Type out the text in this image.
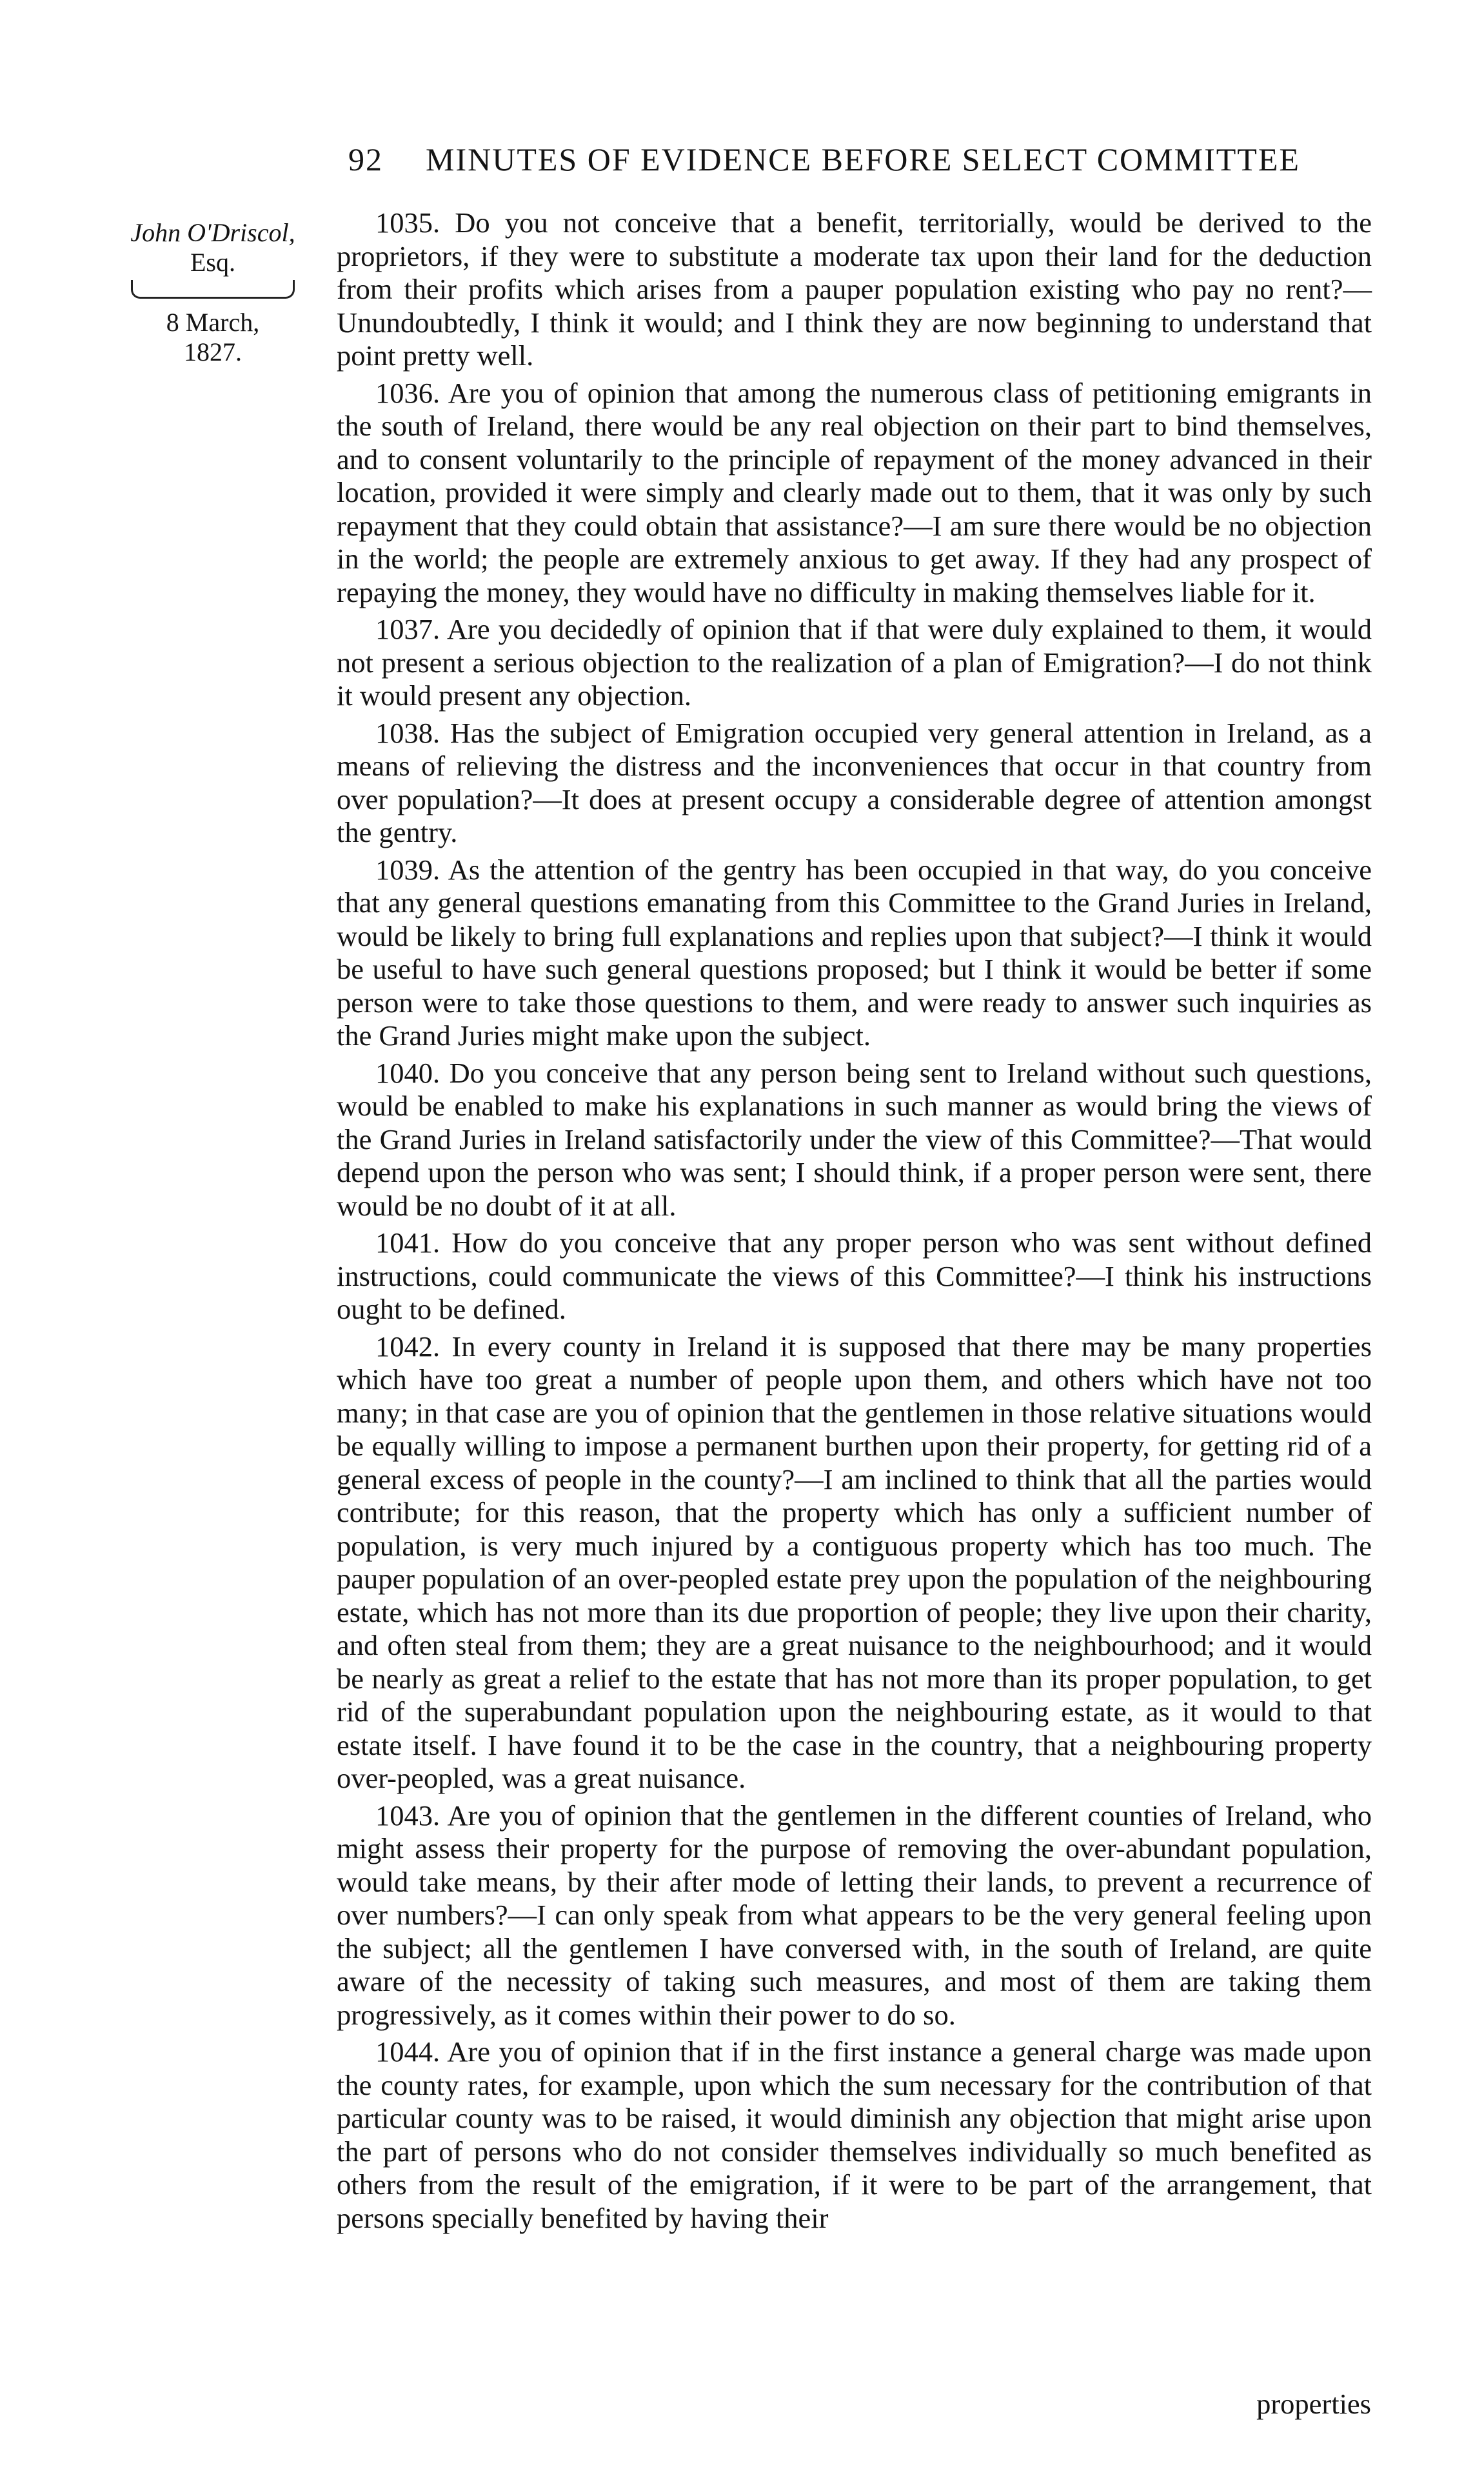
92 MINUTES OF EVIDENCE BEFORE SELECT COMMITTEE
John O'Driscol,
Esq.
8 March,
1827.

1035. Do you not conceive that a benefit, territorially, would be derived to the proprietors, if they were to substitute a moderate tax upon their land for the deduction from their profits which arises from a pauper population existing who pay no rent?—Unundoubtedly, I think it would; and I think they are now beginning to understand that point pretty well.

1036. Are you of opinion that among the numerous class of petitioning emigrants in the south of Ireland, there would be any real objection on their part to bind themselves, and to consent voluntarily to the principle of repayment of the money advanced in their location, provided it were simply and clearly made out to them, that it was only by such repayment that they could obtain that assistance?—I am sure there would be no objection in the world; the people are extremely anxious to get away. If they had any prospect of repaying the money, they would have no difficulty in making themselves liable for it.

1037. Are you decidedly of opinion that if that were duly explained to them, it would not present a serious objection to the realization of a plan of Emigration?—I do not think it would present any objection.

1038. Has the subject of Emigration occupied very general attention in Ireland, as a means of relieving the distress and the inconveniences that occur in that country from over population?—It does at present occupy a considerable degree of attention amongst the gentry.

1039. As the attention of the gentry has been occupied in that way, do you conceive that any general questions emanating from this Committee to the Grand Juries in Ireland, would be likely to bring full explanations and replies upon that subject?—I think it would be useful to have such general questions proposed; but I think it would be better if some person were to take those questions to them, and were ready to answer such inquiries as the Grand Juries might make upon the subject.

1040. Do you conceive that any person being sent to Ireland without such questions, would be enabled to make his explanations in such manner as would bring the views of the Grand Juries in Ireland satisfactorily under the view of this Committee?—That would depend upon the person who was sent; I should think, if a proper person were sent, there would be no doubt of it at all.

1041. How do you conceive that any proper person who was sent without defined instructions, could communicate the views of this Committee?—I think his instructions ought to be defined.

1042. In every county in Ireland it is supposed that there may be many properties which have too great a number of people upon them, and others which have not too many; in that case are you of opinion that the gentlemen in those relative situations would be equally willing to impose a permanent burthen upon their property, for getting rid of a general excess of people in the county?—I am inclined to think that all the parties would contribute; for this reason, that the property which has only a sufficient number of population, is very much injured by a contiguous property which has too much. The pauper population of an over-peopled estate prey upon the population of the neighbouring estate, which has not more than its due proportion of people; they live upon their charity, and often steal from them; they are a great nuisance to the neighbourhood; and it would be nearly as great a relief to the estate that has not more than its proper population, to get rid of the superabundant population upon the neighbouring estate, as it would to that estate itself. I have found it to be the case in the country, that a neighbouring property over-peopled, was a great nuisance.

1043. Are you of opinion that the gentlemen in the different counties of Ireland, who might assess their property for the purpose of removing the over-abundant population, would take means, by their after mode of letting their lands, to prevent a recurrence of over numbers?—I can only speak from what appears to be the very general feeling upon the subject; all the gentlemen I have conversed with, in the south of Ireland, are quite aware of the necessity of taking such measures, and most of them are taking them progressively, as it comes within their power to do so.

1044. Are you of opinion that if in the first instance a general charge was made upon the county rates, for example, upon which the sum necessary for the contribution of that particular county was to be raised, it would diminish any objection that might arise upon the part of persons who do not consider themselves individually so much benefited as others from the result of the emigration, if it were to be part of the arrangement, that persons specially benefited by having their

properties
